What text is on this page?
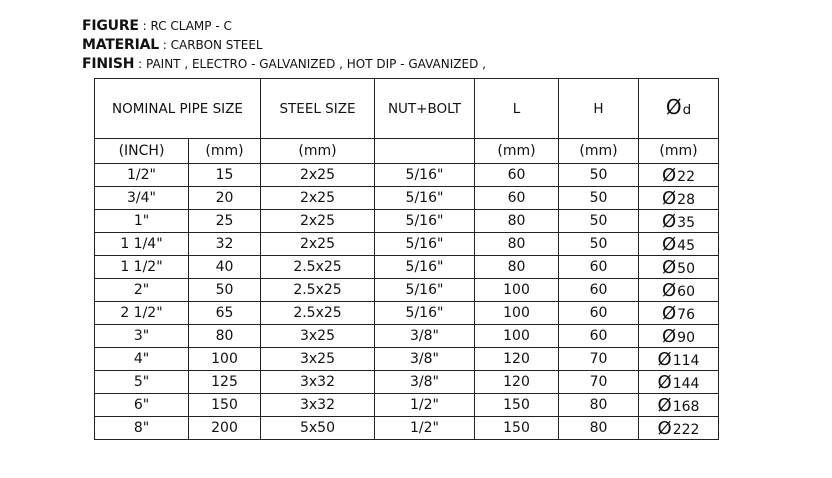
FIGURE : RC CLAMP - C
MATERIAL : CARBON STEEL
FINISH : PAINT , ELECTRO - GALVANIZED , HOT DIP - GAVANIZED ,
NOMINAL PIPE SIZE		STEEL SIZE	NUT+BOLT	L	H	Ød
(INCH)	(mm)	(mm)		(mm)	(mm)	(mm)
1/2"	15	2x25	5/16"	60	50	Ø22
3/4"	20	2x25	5/16"	60	50	Ø28
1"	25	2x25	5/16"	80	50	Ø35
1 1/4"	32	2x25	5/16"	80	50	Ø45
1 1/2"	40	2.5x25	5/16"	80	60	Ø50
2"	50	2.5x25	5/16"	100	60	Ø60
2 1/2"	65	2.5x25	5/16"	100	60	Ø76
3"	80	3x25	3/8"	100	60	Ø90
4"	100	3x25	3/8"	120	70	Ø114
5"	125	3x32	3/8"	120	70	Ø144
6"	150	3x32	1/2"	150	80	Ø168
8"	200	5x50	1/2"	150	80	Ø222
